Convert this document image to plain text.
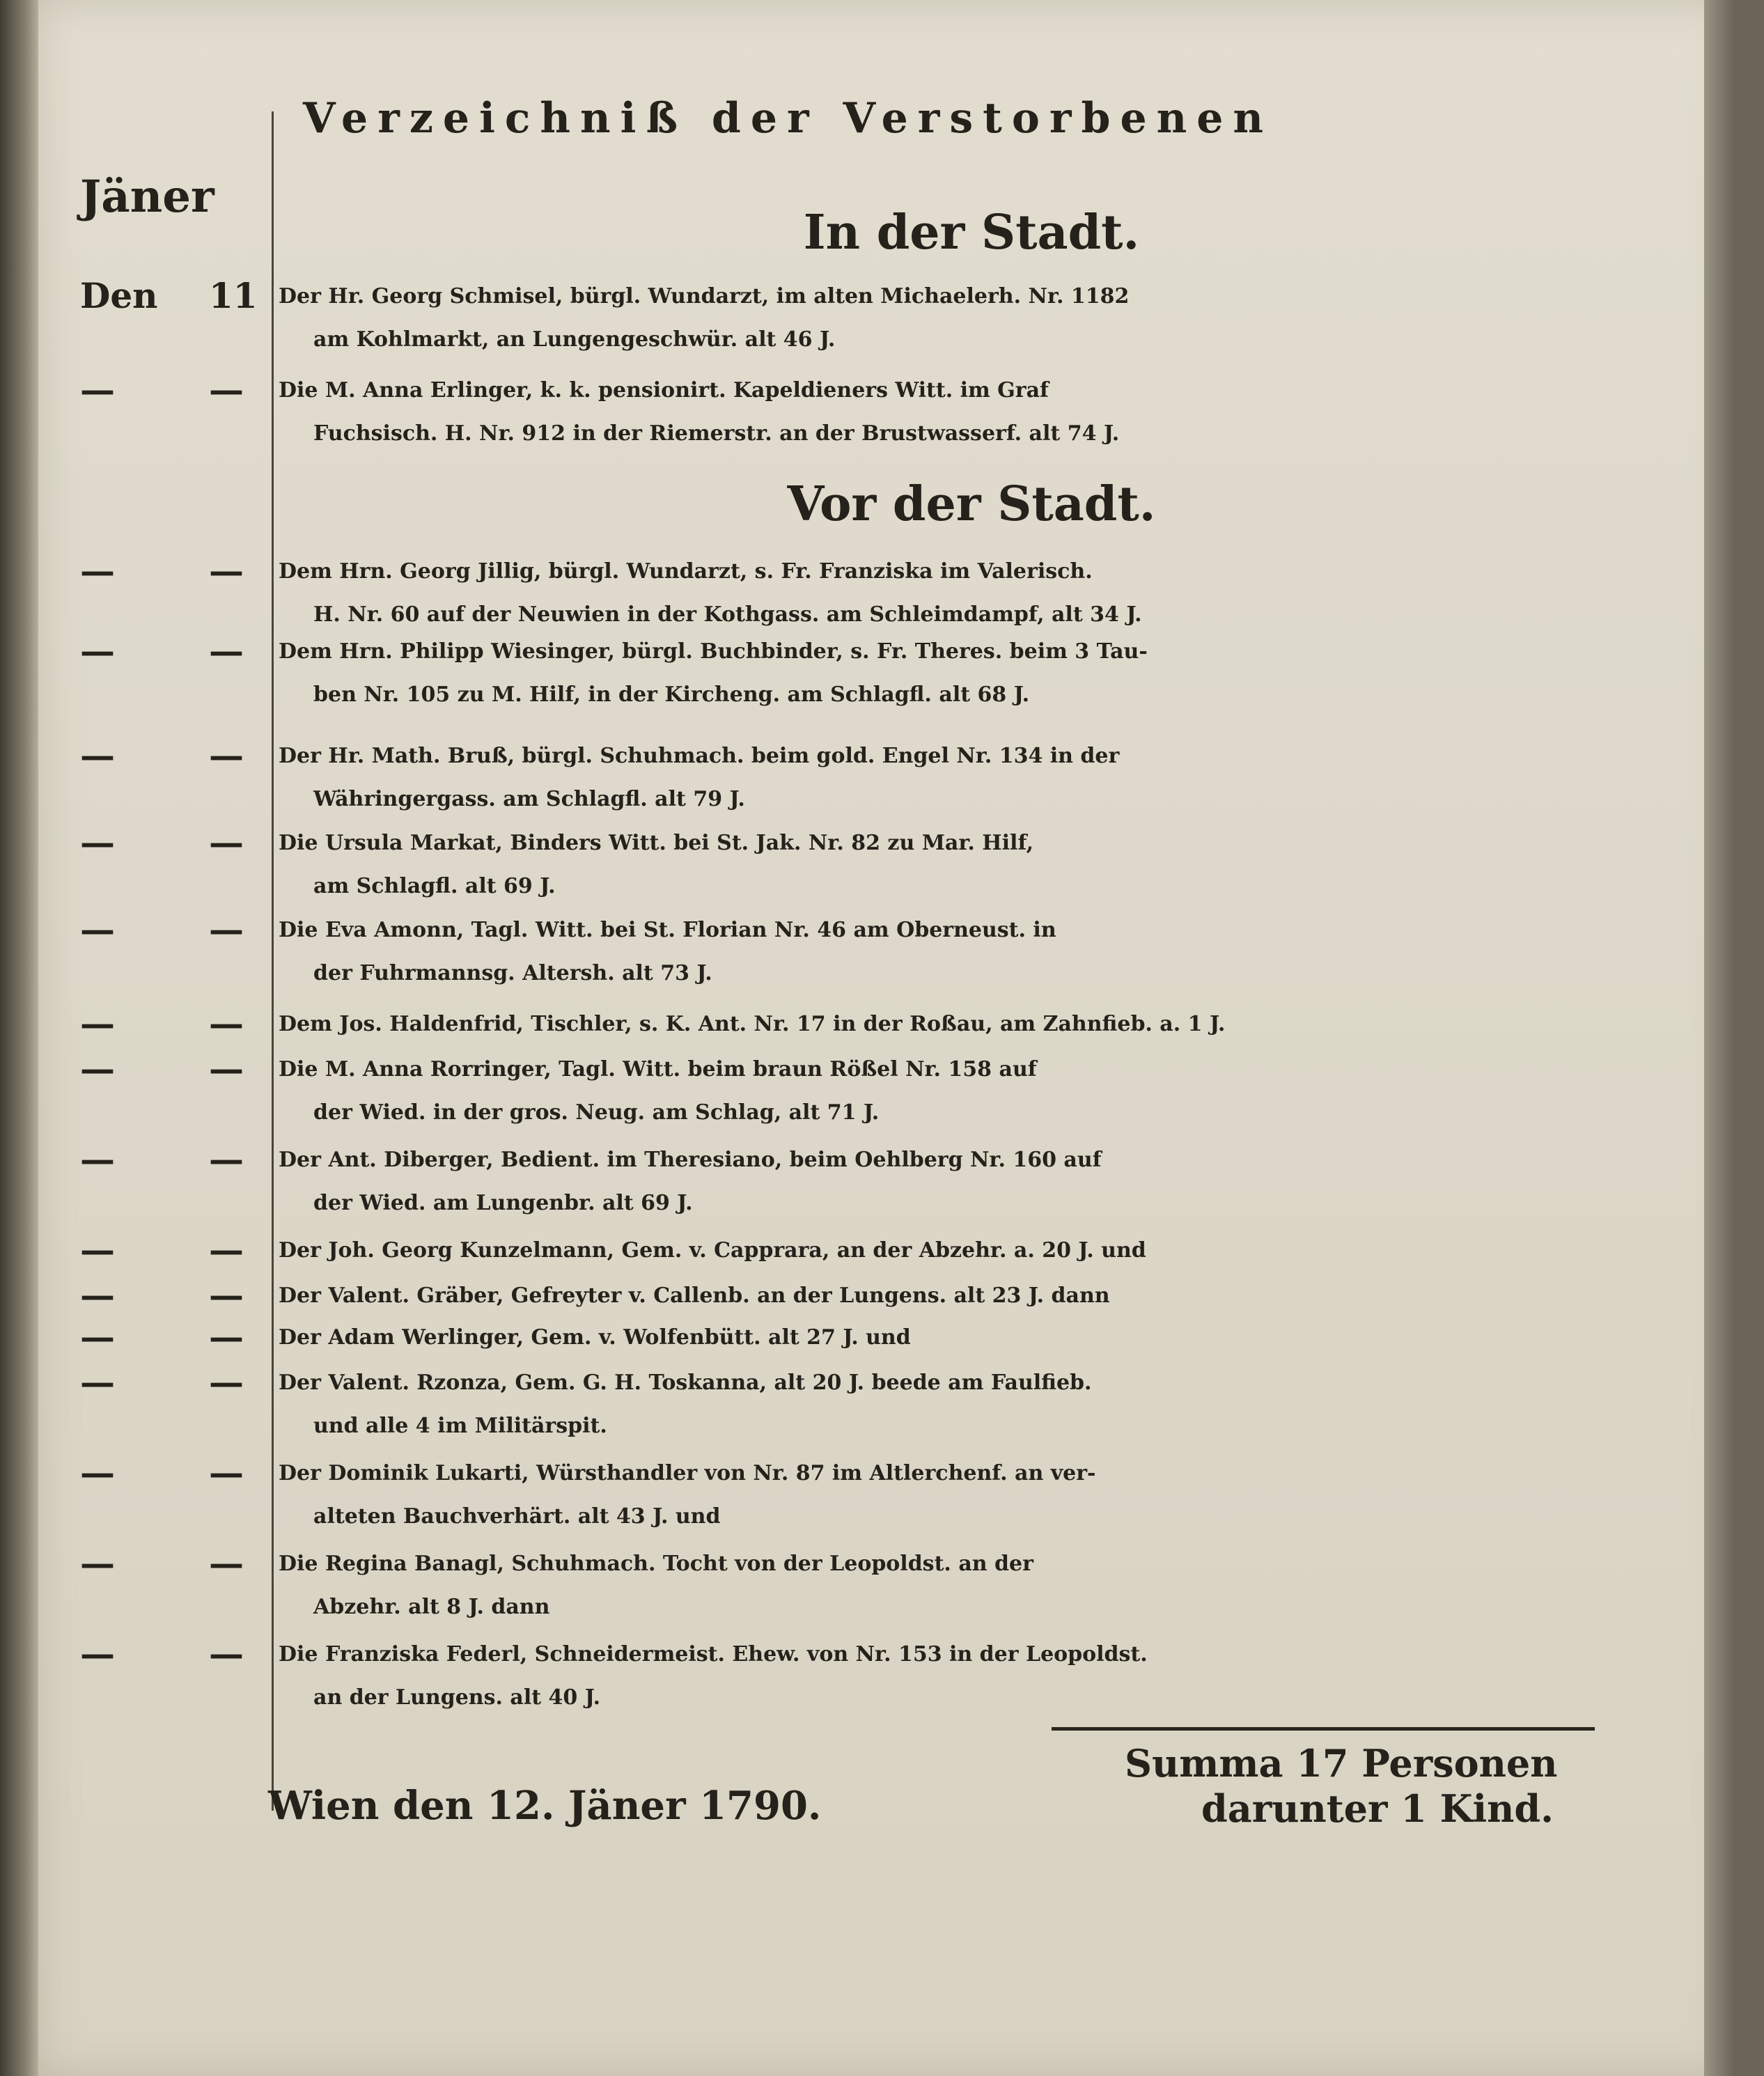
Verzeichniß der Verstorbenen
Jäner
In der Stadt.
Vor der Stadt.
Den 11 Der Hr. Georg Schmisel, bürgl. Wundarzt, im alten Michaelerh. Nr. 1182
am Kohlmarkt, an Lungengeschwür. alt 46 J.
—	— Die M. Anna Erlinger, k. k. pensionirt. Kapeldieners Witt. im Graf
Fuchsisch. H. Nr. 912 in der Riemerstr. an der Brustwasserf. alt 74 J.
—	— Dem Hrn. Georg Jillig, bürgl. Wundarzt, s. Fr. Franziska im Valerisch.
H. Nr. 60 auf der Neuwien in der Kothgass. am Schleimdampf, alt 34 J.
—	— Dem Hrn. Philipp Wiesinger, bürgl. Buchbinder, s. Fr. Theres. beim 3 Tau-
ben Nr. 105 zu M. Hilf, in der Kircheng. am Schlagfl. alt 68 J.
—	— Der Hr. Math. Bruß, bürgl. Schuhmach. beim gold. Engel Nr. 134 in der
Währingergass. am Schlagfl. alt 79 J.
—	— Die Ursula Markat, Binders Witt. bei St. Jak. Nr. 82 zu Mar. Hilf,
am Schlagfl. alt 69 J.
—	— Die Eva Amonn, Tagl. Witt. bei St. Florian Nr. 46 am Oberneust. in
der Fuhrmannsg. Altersh. alt 73 J.
—	— Dem Jos. Haldenfrid, Tischler, s. K. Ant. Nr. 17 in der Roßau, am Zahnfieb. a. 1 J.
—	— Die M. Anna Rorringer, Tagl. Witt. beim braun Rößel Nr. 158 auf
der Wied. in der gros. Neug. am Schlag, alt 71 J.
—	— Der Ant. Diberger, Bedient. im Theresiano, beim Oehlberg Nr. 160 auf
der Wied. am Lungenbr. alt 69 J.
—	— Der Joh. Georg Kunzelmann, Gem. v. Capprara, an der Abzehr. a. 20 J. und
—	— Der Valent. Gräber, Gefreyter v. Callenb. an der Lungens. alt 23 J. dann
—	— Der Adam Werlinger, Gem. v. Wolfenbütt. alt 27 J. und
—	— Der Valent. Rzonza, Gem. G. H. Toskanna, alt 20 J. beede am Faulfieb.
und alle 4 im Militärspit.
—	— Der Dominik Lukarti, Würsthandler von Nr. 87 im Altlerchenf. an ver-
alteten Bauchverhärt. alt 43 J. und
—	— Die Regina Banagl, Schuhmach. Tocht von der Leopoldst. an der
Abzehr. alt 8 J. dann
—	— Die Franziska Federl, Schneidermeist. Ehew. von Nr. 153 in der Leopoldst.
an der Lungens. alt 40 J.
Summa 17 Personen
darunter 1 Kind.
Wien den 12. Jäner 1790.
